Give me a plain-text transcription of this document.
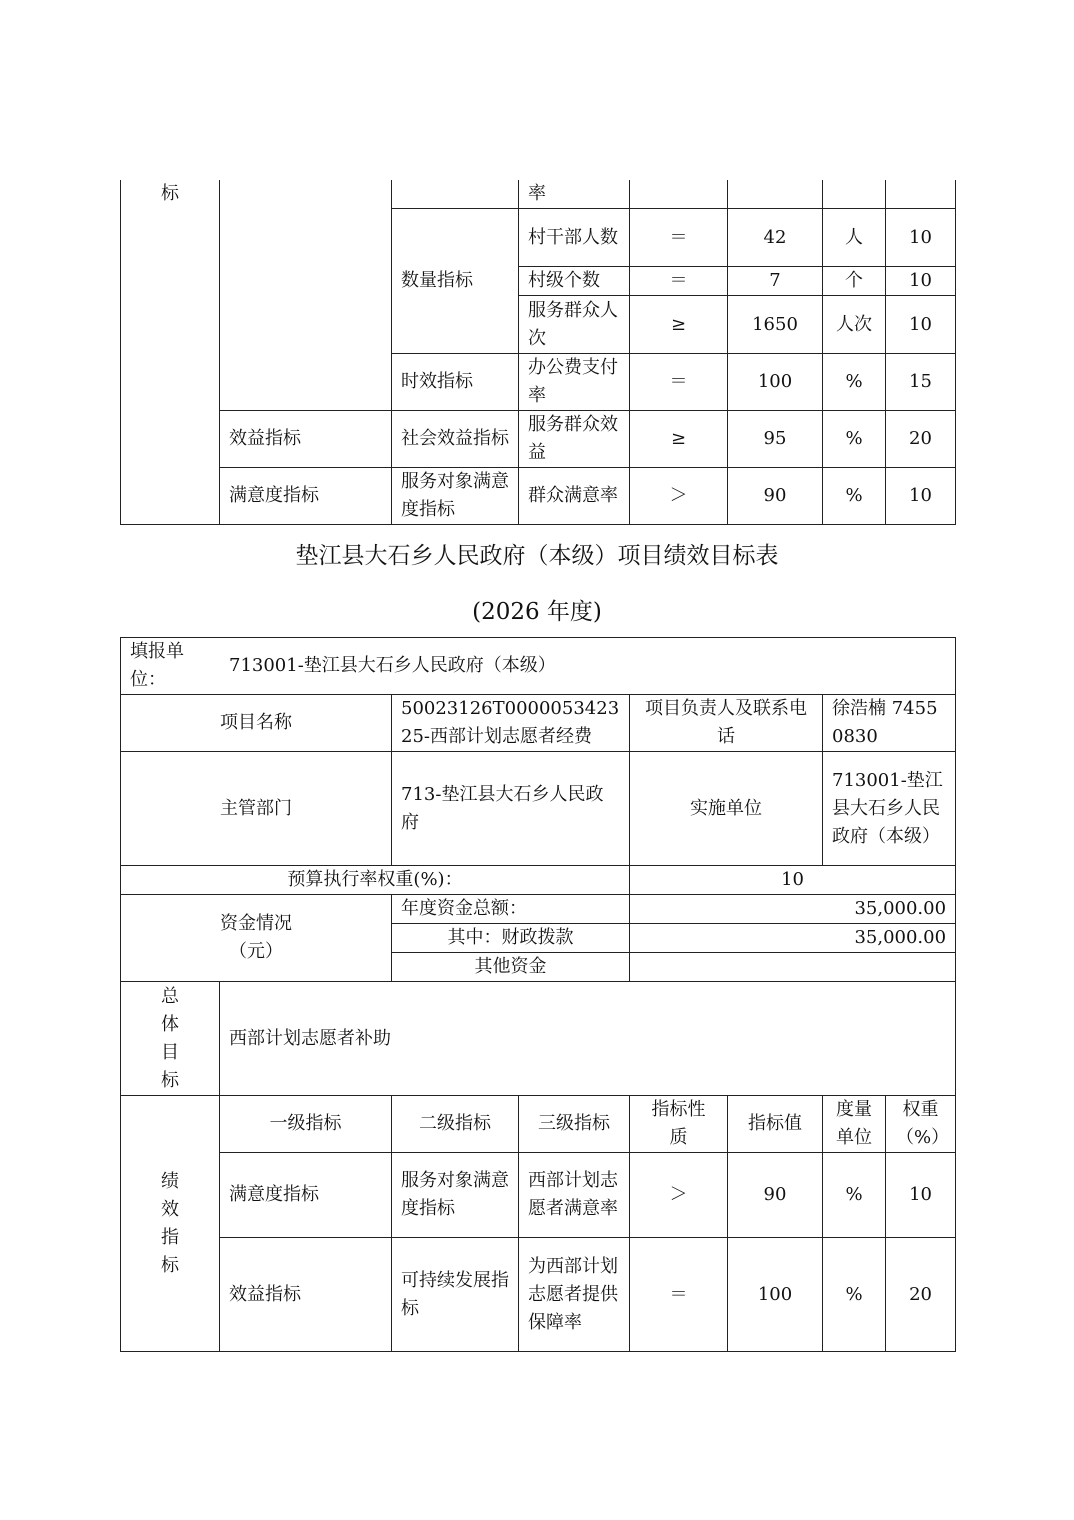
标			率				
		数量指标	村干部人数	＝	42	人	10
			村级个数	＝	7	个	10
			服务群众人次	≥	1650	人次	10
		时效指标	办公费支付率	＝	100	%	15
	效益指标	社会效益指标	服务群众效益	≥	95	%	20
	满意度指标	服务对象满意度指标	群众满意率	＞	90	%	10
垫江县大石乡人民政府（本级）项目绩效目标表
(2026 年度)
填报单位：
713001-垫江县大石乡人民政府（本级）							

项目名称		50023126T000005342325-西部计划志愿者经费		项目负责人及联系电话		徐浩楠 74550830	
主管部门		713-垫江县大石乡人民政府		实施单位		713001-垫江县大石乡人民政府（本级）	
预算执行率权重(%)：				10			
资金情况（元）		年度资金总额：		35,000.00			
		其中：财政拨款		35,000.00			
		其他资金					
总体目标	西部计划志愿者补助						
绩效指标	一级指标	二级指标	三级指标	指标性质	指标值	度量单位	权重（%）
	满意度指标	服务对象满意度指标	西部计划志愿者满意率	＞	90	%	10
	效益指标	可持续发展指标	为西部计划志愿者提供保障率	＝	100	%	20
